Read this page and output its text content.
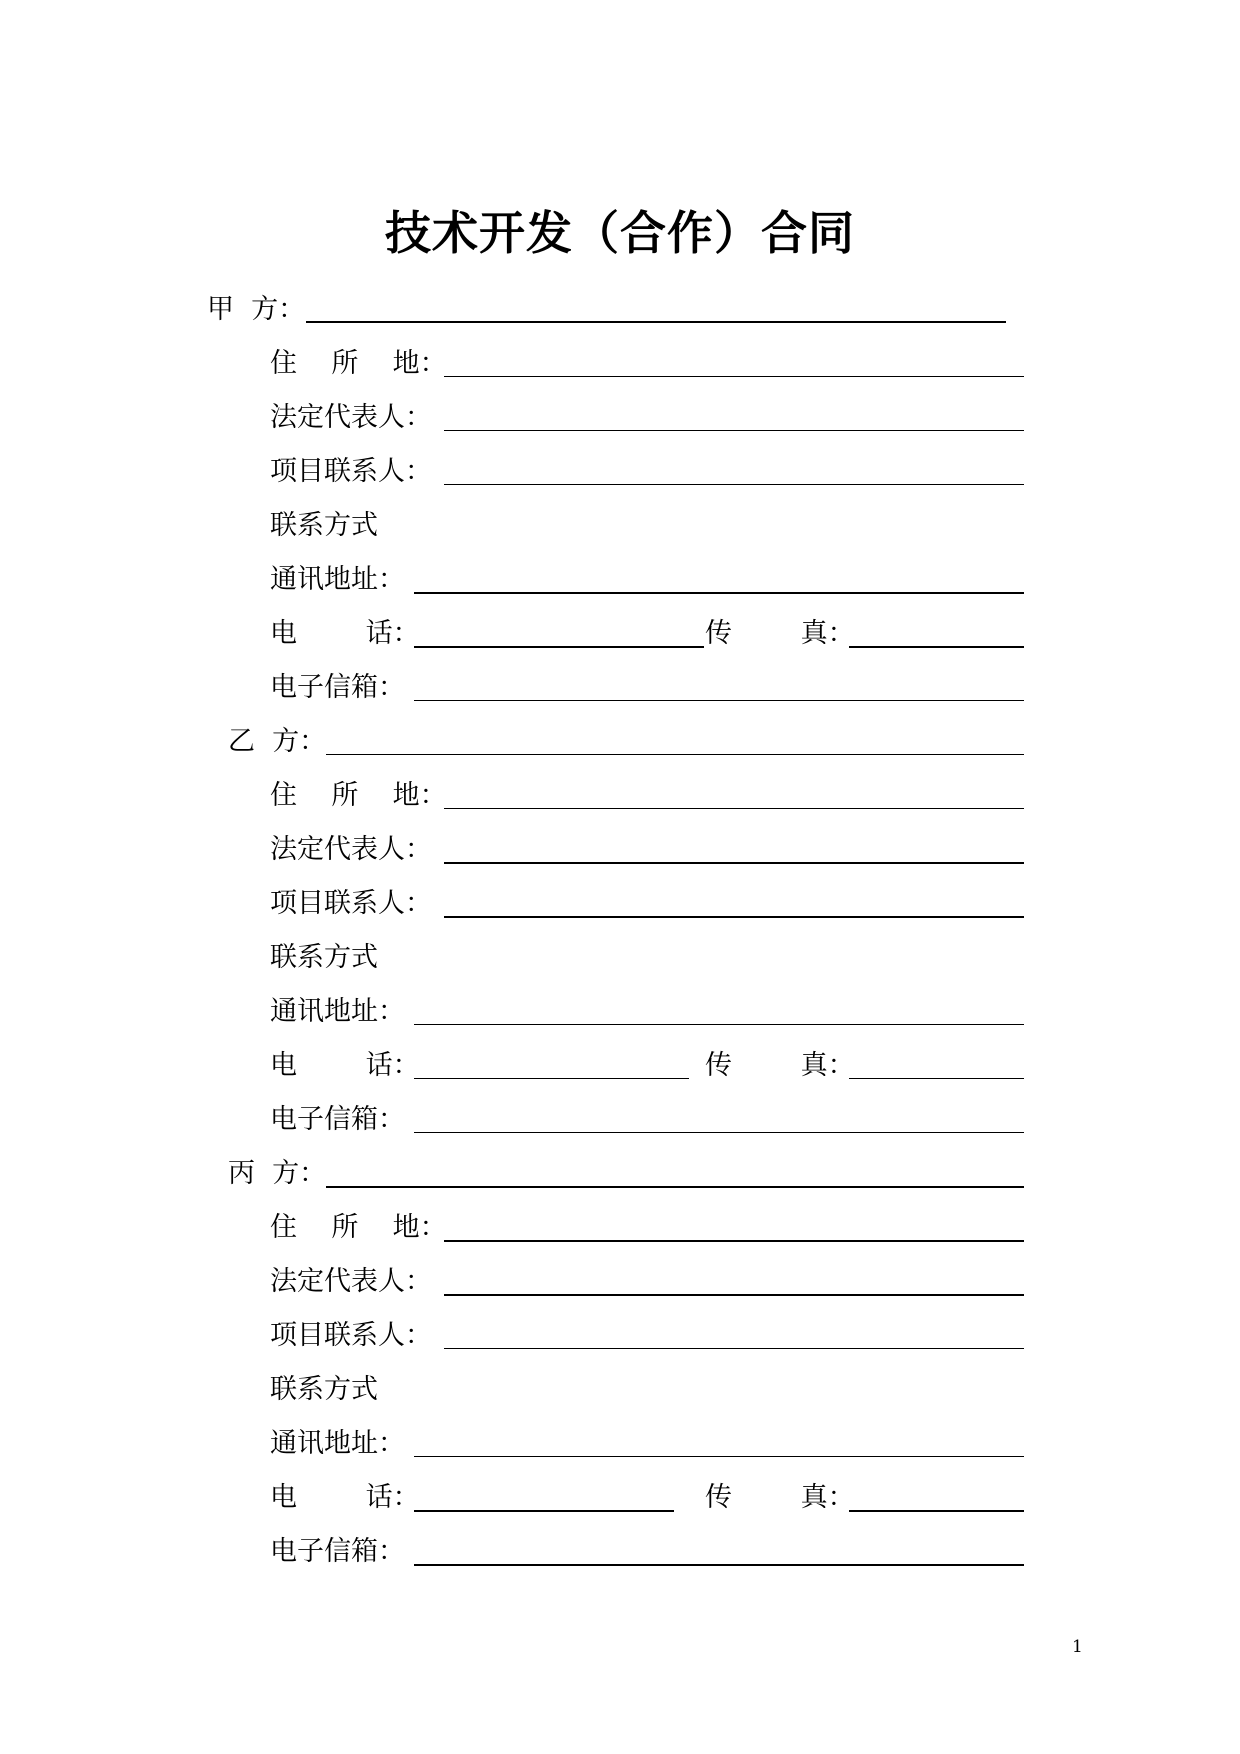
技术开发（合作）合同
甲  方：
住    所    地：
法定代表人：
项目联系人：
联系方式
通讯地址：
电        话：	传        真：
电子信箱：
乙  方：
住    所    地：
法定代表人：
项目联系人：
联系方式
通讯地址：
电        话：	传        真：
电子信箱：
丙  方：
住    所    地：
法定代表人：
项目联系人：
联系方式
通讯地址：
电        话：	传        真：
电子信箱：
1
